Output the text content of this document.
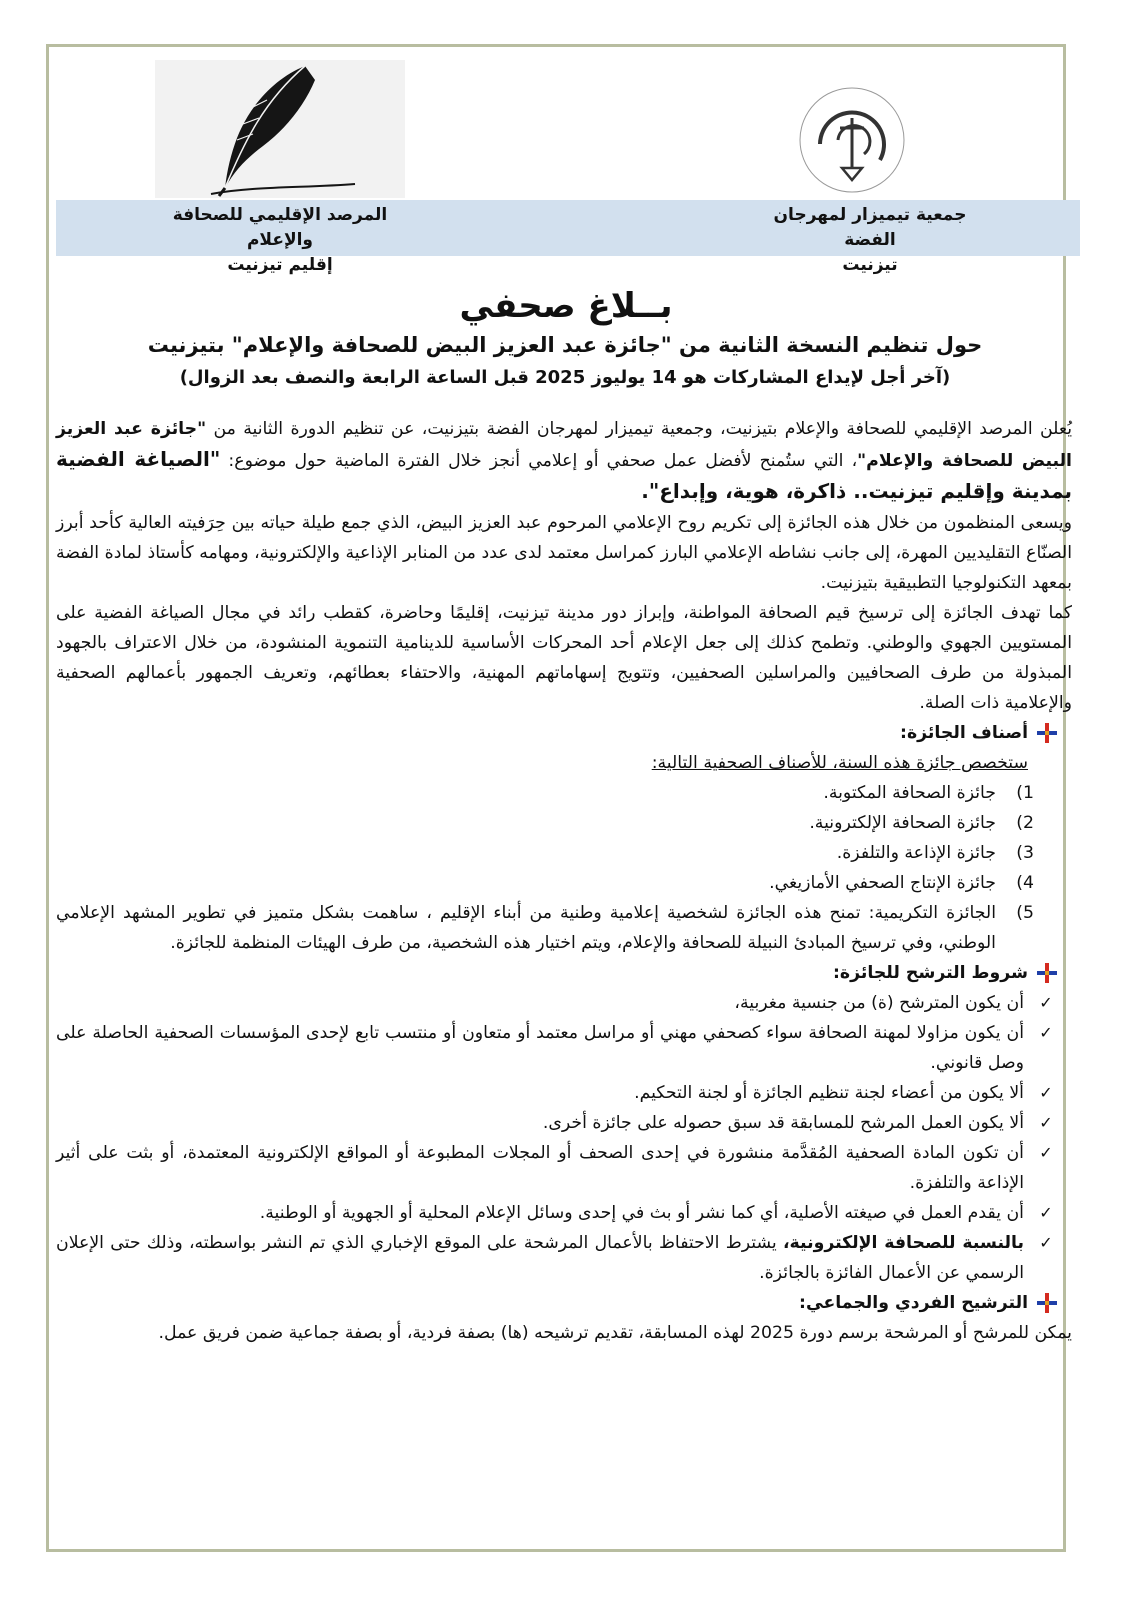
المرصد الإقليمي للصحافة والإعلام
إقليم تيزنيت
جمعية تيميزار لمهرجان الفضة
تيزنيت
بــلاغ صحفي
حول تنظيم النسخة الثانية من "جائزة عبد العزيز البيض للصحافة والإعلام" بتيزنيت
(آخر أجل لإيداع المشاركات هو 14 يوليوز 2025 قبل الساعة الرابعة والنصف بعد الزوال)

يُعلن المرصد الإقليمي للصحافة والإعلام بتيزنيت، وجمعية تيميزار لمهرجان الفضة بتيزنيت، عن تنظيم الدورة الثانية من "جائزة عبد العزيز البيض للصحافة والإعلام"، التي ستُمنح لأفضل عمل صحفي أو إعلامي أنجز خلال الفترة الماضية حول موضوع: "الصياغة الفضية بمدينة وإقليم تيزنيت.. ذاكرة، هوية، وإبداع".

ويسعى المنظمون من خلال هذه الجائزة إلى تكريم روح الإعلامي المرحوم عبد العزيز البيض، الذي جمع طيلة حياته بين حِرَفيته العالية كأحد أبرز الصنّاع التقليديين المهرة، إلى جانب نشاطه الإعلامي البارز كمراسل معتمد لدى عدد من المنابر الإذاعية والإلكترونية، ومهامه كأستاذ لمادة الفضة بمعهد التكنولوجيا التطبيقية بتيزنيت.

كما تهدف الجائزة إلى ترسيخ قيم الصحافة المواطنة، وإبراز دور مدينة تيزنيت، إقليمًا وحاضرة، كقطب رائد في مجال الصياغة الفضية على المستويين الجهوي والوطني. وتطمح كذلك إلى جعل الإعلام أحد المحركات الأساسية للدينامية التنموية المنشودة، من خلال الاعتراف بالجهود المبذولة من طرف الصحافيين والمراسلين الصحفيين، وتتويج إسهاماتهم المهنية، والاحتفاء بعطائهم، وتعريف الجمهور بأعمالهم الصحفية والإعلامية ذات الصلة.

أصناف الجائزة:
ستخصص جائزة هذه السنة، للأصناف الصحفية التالية:
1)
جائزة الصحافة المكتوبة.
2)
جائزة الصحافة الإلكترونية.
3)
جائزة الإذاعة والتلفزة.
4)
جائزة الإنتاج الصحفي الأمازيغي.
5)
الجائزة التكريمية: تمنح هذه الجائزة لشخصية إعلامية وطنية من أبناء الإقليم ، ساهمت بشكل متميز في تطوير المشهد الإعلامي الوطني، وفي ترسيخ المبادئ النبيلة للصحافة والإعلام، ويتم اختيار هذه الشخصية، من طرف الهيئات المنظمة للجائزة.
شروط الترشح للجائزة:
✓
أن يكون المترشح (ة) من جنسية مغربية،
✓
أن يكون مزاولا لمهنة الصحافة سواء كصحفي مهني أو مراسل معتمد أو متعاون أو منتسب تابع لإحدى المؤسسات الصحفية الحاصلة على وصل قانوني.
✓
ألا يكون من أعضاء لجنة تنظيم الجائزة أو لجنة التحكيم.
✓
ألا يكون العمل المرشح للمسابقة قد سبق حصوله على جائزة أخرى.
✓
أن تكون المادة الصحفية المُقدَّمة منشورة في إحدى الصحف أو المجلات المطبوعة أو المواقع الإلكترونية المعتمدة، أو بثت على أثير الإذاعة والتلفزة.
✓
أن يقدم العمل في صيغته الأصلية، أي كما نشر أو بث في إحدى وسائل الإعلام المحلية أو الجهوية أو الوطنية.
✓
بالنسبة للصحافة الإلكترونية، يشترط الاحتفاظ بالأعمال المرشحة على الموقع الإخباري الذي تم النشر بواسطته، وذلك حتى الإعلان الرسمي عن الأعمال الفائزة بالجائزة.
الترشيح الفردي والجماعي:

يمكن للمرشح أو المرشحة برسم دورة 2025 لهذه المسابقة، تقديم ترشيحه (ها) بصفة فردية، أو بصفة جماعية ضمن فريق عمل.
